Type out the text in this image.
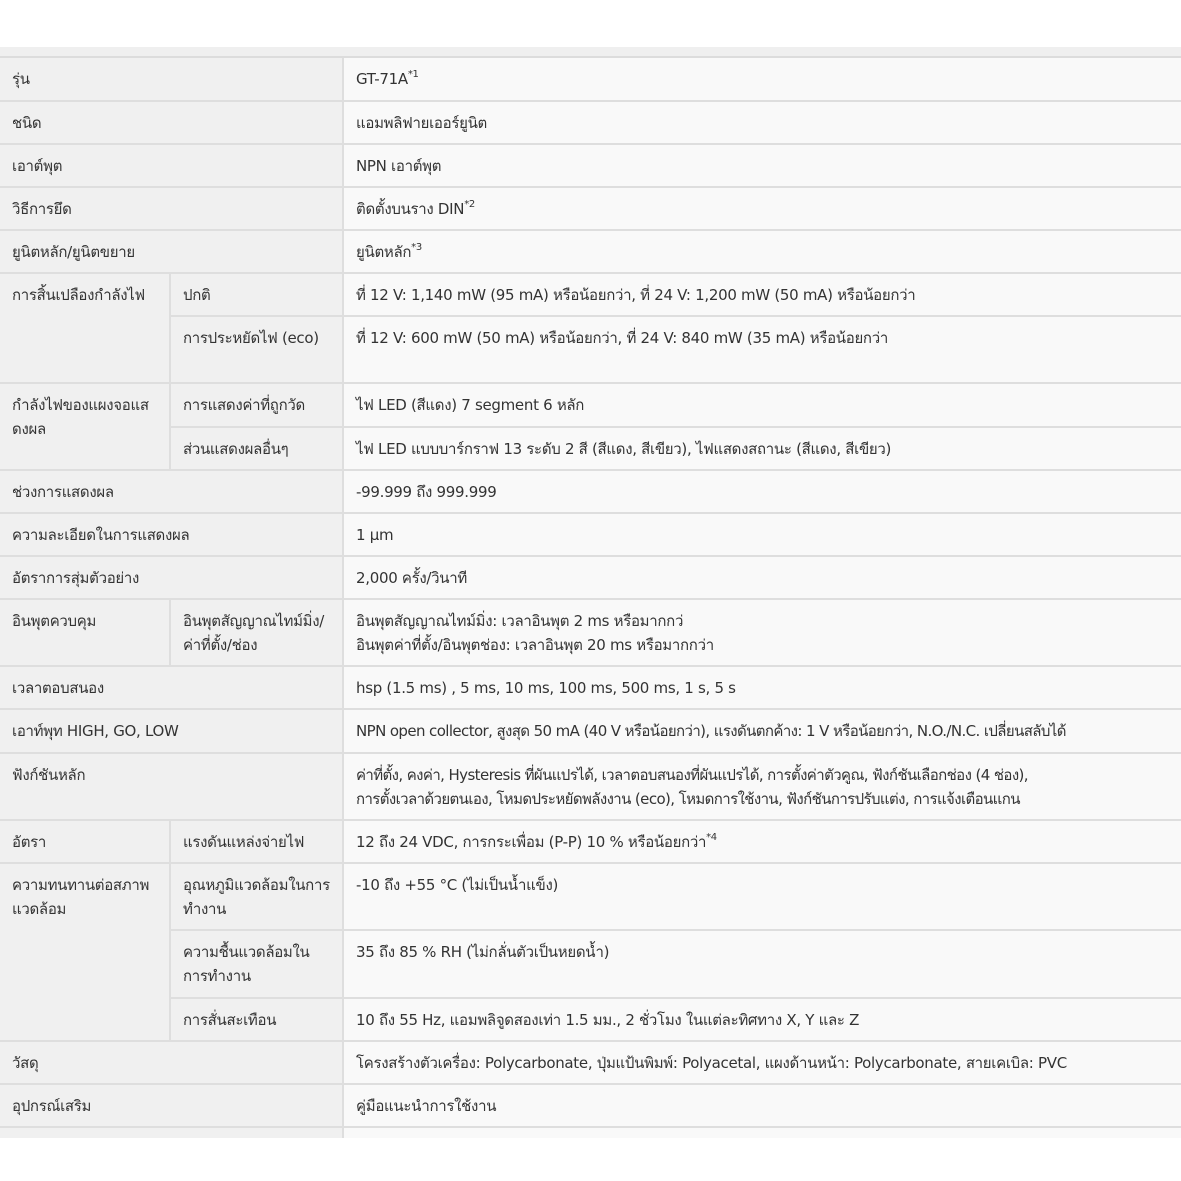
รุ่น		$GT-71A^{*1}$

ชนิด		แอมพลิฟายเออร์ยูนิต

เอาต์พุต		NPN เอาต์พุต

วิธีการยึด		ติดตั้งบนราง DIN$^{*2}$

ยูนิตหลัก/ยูนิตขยาย		ยูนิตหลัก$^{*3}$

การสิ้นเปลืองกำลังไฟ	ปกติ	ที่ 12 V: 1,140 mW (95 mA) หรือน้อยกว่า, ที่ 24 V: 1,200 mW (50 mA) หรือน้อยกว่า

	การประหยัดไฟ (eco)	ที่ 12 V: 600 mW (50 mA) หรือน้อยกว่า, ที่ 24 V: 840 mW (35 mA) หรือน้อยกว่า

กำลังไฟของแผงจอแสดงผล	การแสดงค่าที่ถูกวัด	ไฟ LED (สีแดง) 7 segment 6 หลัก

	ส่วนแสดงผลอื่นๆ	ไฟ LED แบบบาร์กราฟ 13 ระดับ 2 สี (สีแดง, สีเขียว), ไฟแสดงสถานะ (สีแดง, สีเขียว)

ช่วงการแสดงผล		-99.999 ถึง 999.999

ความละเอียดในการแสดงผล		1 μm

อัตราการสุ่มตัวอย่าง		2,000 ครั้ง/วินาที

อินพุตควบคุม	อินพุตสัญญาณไทม์มิ่ง/ค่าที่ตั้ง/ช่อง	อินพุตสัญญาณไทม์มิ่ง: เวลาอินพุต 2 ms หรือมากกว่
อินพุตค่าที่ตั้ง/อินพุตช่อง: เวลาอินพุต 20 ms หรือมากกว่า

เวลาตอบสนอง		hsp (1.5 ms) , 5 ms, 10 ms, 100 ms, 500 ms, 1 s, 5 s

เอาท์พุท HIGH, GO, LOW		NPN open collector, สูงสุด 50 mA (40 V หรือน้อยกว่า), แรงดันตกค้าง: 1 V หรือน้อยกว่า, N.O./N.C. เปลี่ยนสลับได้

ฟังก์ชันหลัก		ค่าที่ตั้ง, คงค่า, Hysteresis ที่ผันแปรได้, เวลาตอบสนองที่ผันแปรได้, การตั้งค่าตัวคูณ, ฟังก์ชันเลือกช่อง (4 ช่อง),
การตั้งเวลาด้วยตนเอง, โหมดประหยัดพลังงาน (eco), โหมดการใช้งาน, ฟังก์ชันการปรับแต่ง, การแจ้งเตือนแกน

อัตรา	แรงดันแหล่งจ่ายไฟ	12 ถึง 24 VDC, การกระเพื่อม (P-P) 10 % หรือน้อยกว่า$^{*4}$

ความทนทานต่อสภาพแวดล้อม	อุณหภูมิแวดล้อมในการทำงาน	-10 ถึง +55 °C (ไม่เป็นน้ำแข็ง)

	ความชื้นแวดล้อมในการทำงาน	35 ถึง 85 % RH (ไม่กลั่นตัวเป็นหยดน้ำ)

	การสั่นสะเทือน	10 ถึง 55 Hz, แอมพลิจูดสองเท่า 1.5 มม., 2 ชั่วโมง ในแต่ละทิศทาง X, Y และ Z

วัสดุ		โครงสร้างตัวเครื่อง: Polycarbonate, ปุ่มแป้นพิมพ์: Polyacetal, แผงด้านหน้า: Polycarbonate, สายเคเบิล: PVC

อุปกรณ์เสริม		คู่มือแนะนำการใช้งาน
